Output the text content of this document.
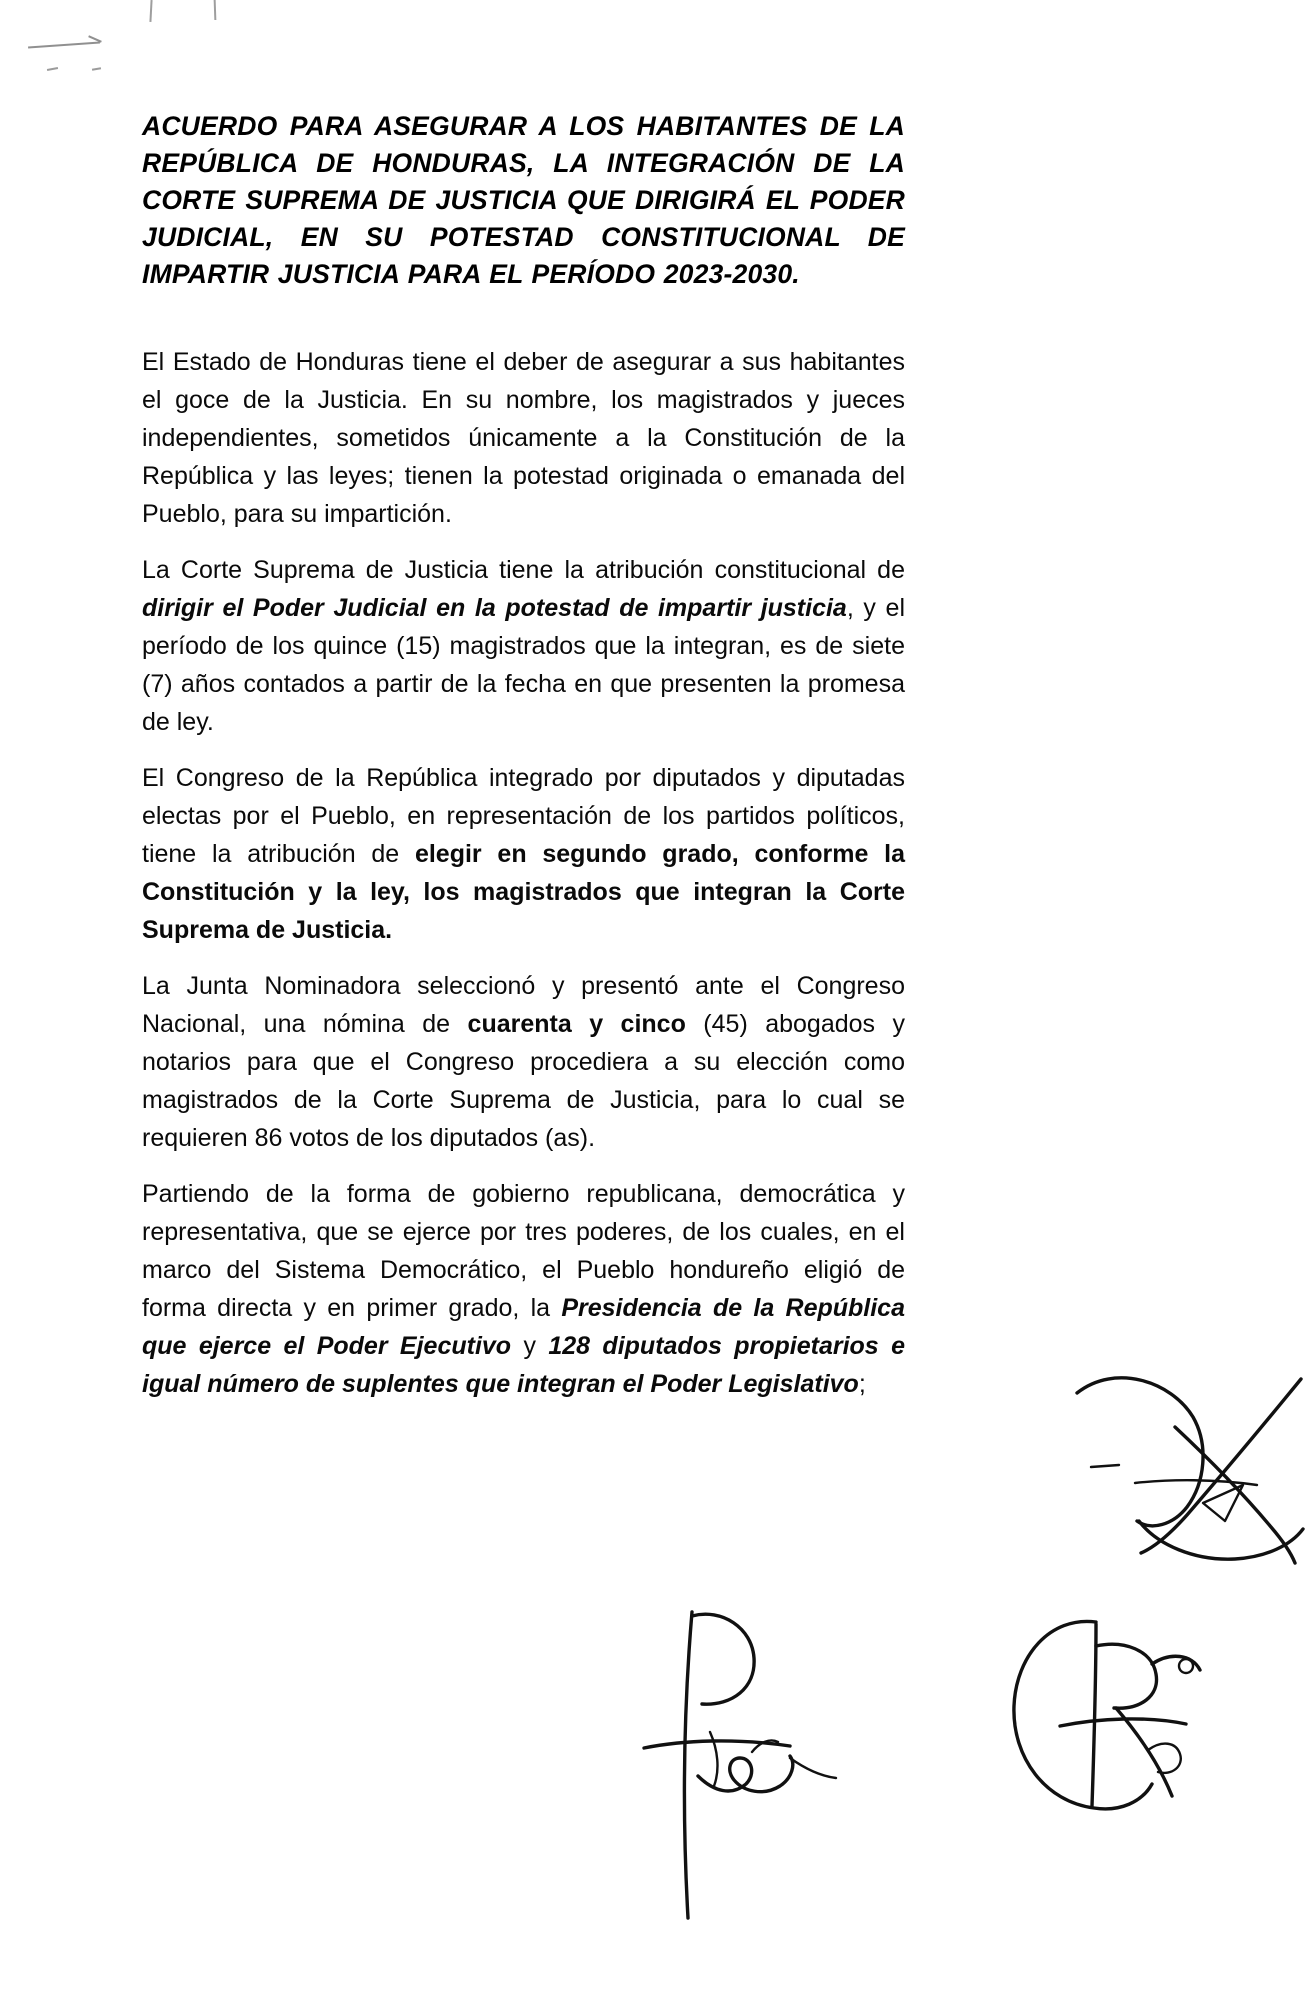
ACUERDO PARA ASEGURAR A LOS HABITANTES DE LA REPÚBLICA DE HONDURAS, LA INTEGRACIÓN DE LA CORTE SUPREMA DE JUSTICIA QUE DIRIGIRÁ EL PODER JUDICIAL, EN SU POTESTAD CONSTITUCIONAL DE IMPARTIR JUSTICIA PARA EL PERÍODO 2023-2030.

El Estado de Honduras tiene el deber de asegurar a sus habitantes el goce de la Justicia. En su nombre, los magistrados y jueces independientes, sometidos únicamente a la Constitución de la República y las leyes; tienen la potestad originada o emanada del Pueblo, para su impartición.

La Corte Suprema de Justicia tiene la atribución constitucional de dirigir el Poder Judicial en la potestad de impartir justicia, y el período de los quince (15) magistrados que la integran, es de siete (7) años contados a partir de la fecha en que presenten la promesa de ley.

El Congreso de la República integrado por diputados y diputadas electas por el Pueblo, en representación de los partidos políticos, tiene la atribución de elegir en segundo grado, conforme la Constitución y la ley, los magistrados que integran la Corte Suprema de Justicia.

La Junta Nominadora seleccionó y presentó ante el Congreso Nacional, una nómina de cuarenta y cinco (45) abogados y notarios para que el Congreso procediera a su elección como magistrados de la Corte Suprema de Justicia, para lo cual se requieren 86 votos de los diputados (as).

Partiendo de la forma de gobierno republicana, democrática y representativa, que se ejerce por tres poderes, de los cuales, en el marco del Sistema Democrático, el Pueblo hondureño eligió de forma directa y en primer grado, la Presidencia de la República que ejerce el Poder Ejecutivo y 128 diputados propietarios e igual número de suplentes que integran el Poder Legislativo;
